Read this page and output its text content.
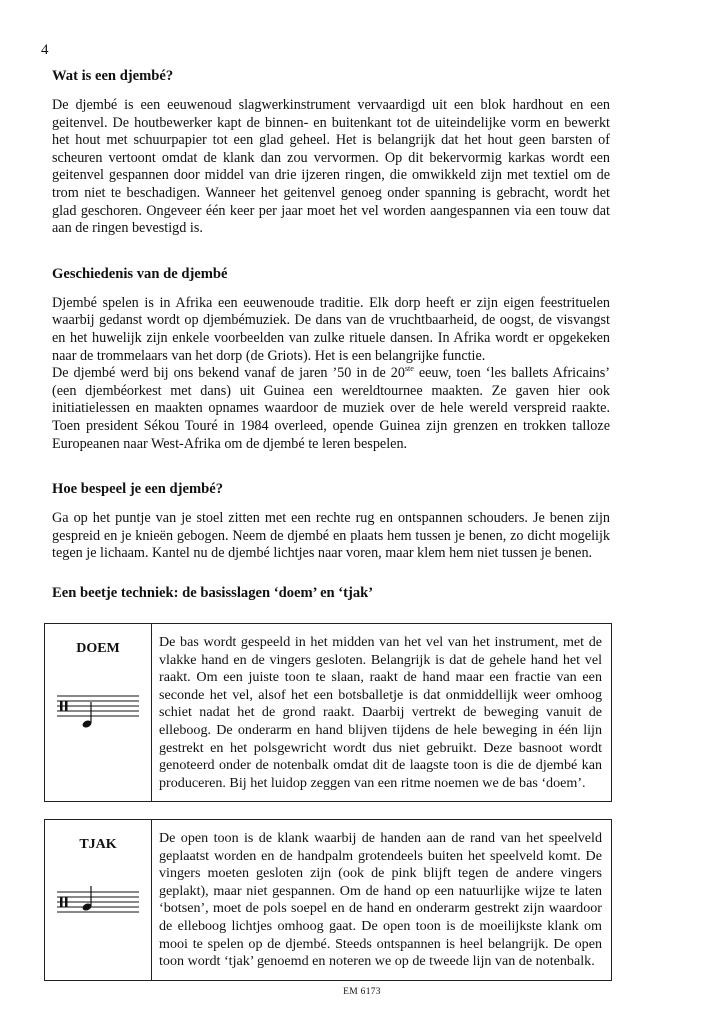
4
Wat is een djembé?

De djembé is een eeuwenoud slagwerkinstrument vervaardigd uit een blok hardhout en een geitenvel. De houtbewerker kapt de binnen- en buitenkant tot de uiteindelijke vorm en bewerkt het hout met schuurpapier tot een glad geheel. Het is belangrijk dat het hout geen barsten of scheuren vertoont omdat de klank dan zou vervormen. Op dit bekervormig karkas wordt een geitenvel gespannen door middel van drie ijzeren ringen, die omwikkeld zijn met textiel om de trom niet te beschadigen. Wanneer het geitenvel genoeg onder spanning is gebracht, wordt het glad geschoren. Ongeveer één keer per jaar moet het vel worden aangespannen via een touw dat aan de ringen bevestigd is.

Geschiedenis van de djembé

Djembé spelen is in Afrika een eeuwenoude traditie. Elk dorp heeft er zijn eigen feestrituelen waarbij gedanst wordt op djembémuziek. De dans van de vruchtbaarheid, de oogst, de visvangst en het huwelijk zijn enkele voorbeelden van zulke rituele dansen. In Afrika wordt er opgekeken naar de trommelaars van het dorp (de Griots). Het is een belangrijke functie.

De djembé werd bij ons bekend vanaf de jaren ’50 in de 20ste eeuw, toen ‘les ballets Africains’ (een djembéorkest met dans) uit Guinea een wereldtournee maakten. Ze gaven hier ook initiatielessen en maakten opnames waardoor de muziek over de hele wereld verspreid raakte. Toen president Sékou Touré in 1984 overleed, opende Guinea zijn grenzen en trokken talloze Europeanen naar West-Afrika om de djembé te leren bespelen.

Hoe bespeel je een djembé?

Ga op het puntje van je stoel zitten met een rechte rug en ontspannen schouders. Je benen zijn gespreid en je knieën gebogen. Neem de djembé en plaats hem tussen je benen, zo dicht mogelijk tegen je lichaam. Kantel nu de djembé lichtjes naar voren, maar klem hem niet tussen je benen.

Een beetje techniek: de basisslagen ‘doem’ en ‘tjak’
DOEM	De bas wordt gespeeld in het midden van het vel van het instrument, met de vlakke hand en de vingers gesloten. Belangrijk is dat de gehele hand het vel raakt. Om een juiste toon te slaan, raakt de hand maar een fractie van een seconde het vel, alsof het een botsballetje is dat onmiddellijk weer omhoog schiet nadat het de grond raakt. Daarbij vertrekt de beweging vanuit de elleboog. De onderarm en hand blijven tijdens de hele beweging in één lijn gestrekt en het polsgewricht wordt dus niet gebruikt. Deze basnoot wordt genoteerd onder de notenbalk omdat dit de laagste toon is die de djembé kan produceren. Bij het luidop zeggen van een ritme noemen we de bas ‘doem’.

TJAK	De open toon is de klank waarbij de handen aan de rand van het speelveld geplaatst worden en de handpalm grotendeels buiten het speelveld komt. De vingers moeten gesloten zijn (ook de pink blijft tegen de andere vingers geplakt), maar niet gespannen. Om de hand op een natuurlijke wijze te laten ‘botsen’, moet de pols soepel en de hand en onderarm gestrekt zijn waardoor de elleboog lichtjes omhoog gaat. De open toon is de moeilijkste klank om mooi te spelen op de djembé. Steeds ontspannen is heel belangrijk. De open toon wordt ‘tjak’ genoemd en noteren we op de tweede lijn van de notenbalk.

EM 6173
